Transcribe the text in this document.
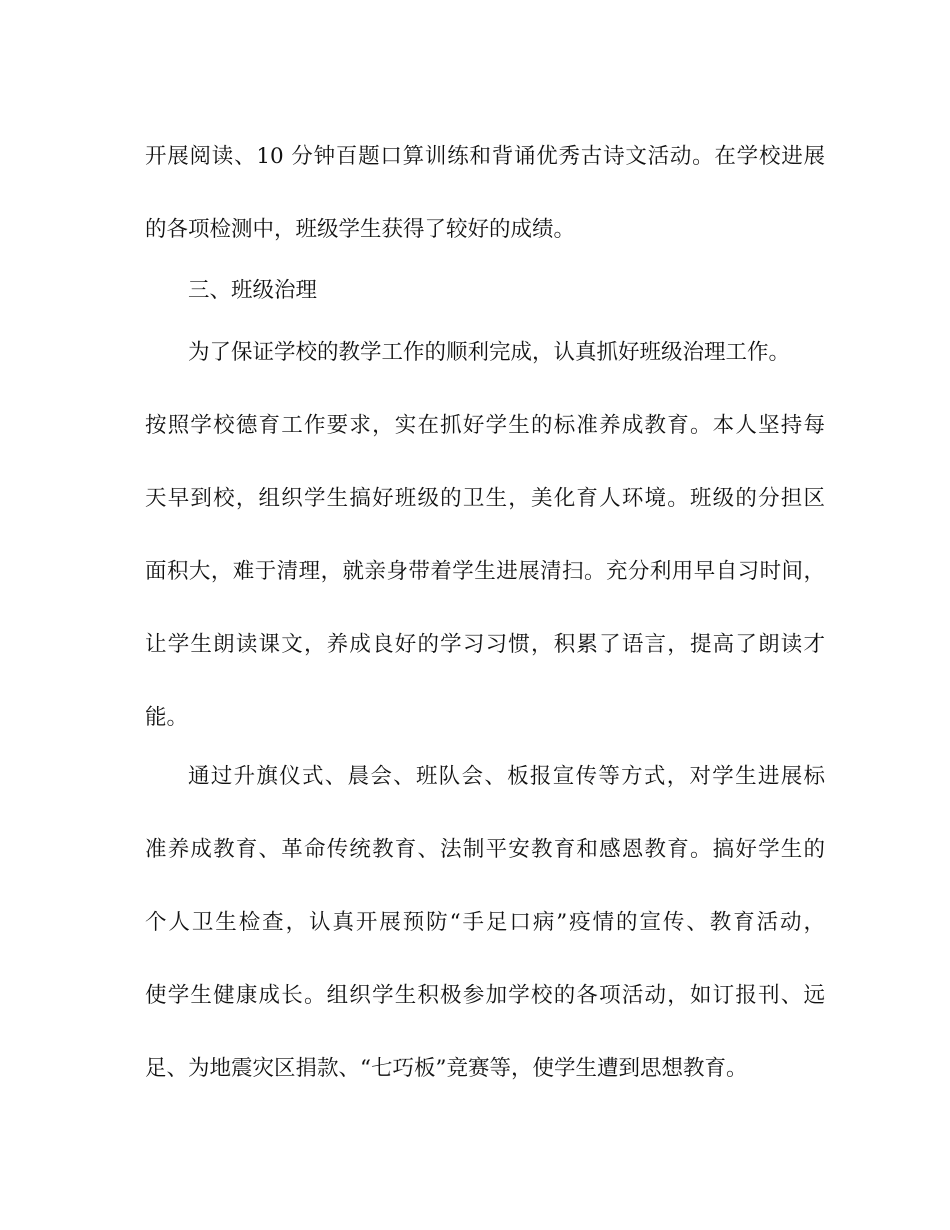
开展阅读、10 分钟百题口算训练和背诵优秀古诗文活动。在学校进展
的各项检测中，班级学生获得了较好的成绩。
三、班级治理
为了保证学校的教学工作的顺利完成，认真抓好班级治理工作。
按照学校德育工作要求，实在抓好学生的标准养成教育。本人坚持每
天早到校，组织学生搞好班级的卫生，美化育人环境。班级的分担区
面积大，难于清理，就亲身带着学生进展清扫。充分利用早自习时间，
让学生朗读课文，养成良好的学习习惯，积累了语言，提高了朗读才
能。
通过升旗仪式、晨会、班队会、板报宣传等方式，对学生进展标
准养成教育、革命传统教育、法制平安教育和感恩教育。搞好学生的
个人卫生检查，认真开展预防“手足口病”疫情的宣传、教育活动，
使学生健康成长。组织学生积极参加学校的各项活动，如订报刊、远
足、为地震灾区捐款、“七巧板”竞赛等，使学生遭到思想教育。
